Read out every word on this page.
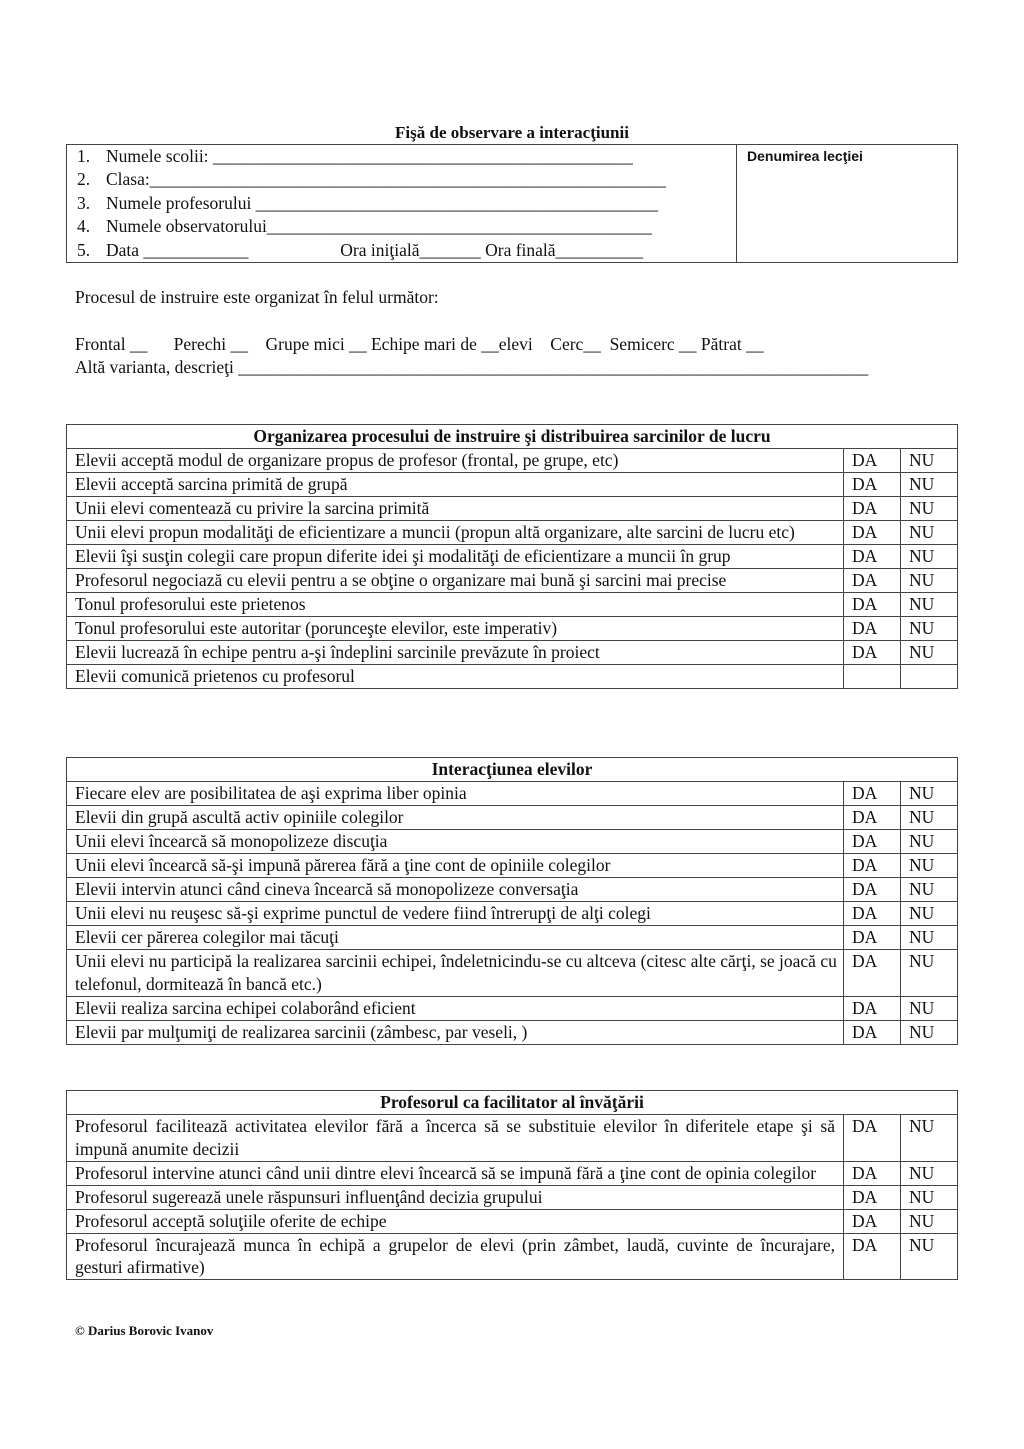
Fişă de observare a interacţiunii
1. Numele scolii: ________________________________________________
2. Clasa:___________________________________________________________
3. Numele profesorului ______________________________________________
4. Numele observatorului____________________________________________
5. Data ____________                     Ora iniţială_______ Ora finală__________

Denumirea lecţiei
Procesul de instruire este organizat în felul următor:
Frontal __      Perechi __    Grupe mici __ Echipe mari de __elevi    Cerc__  Semicerc __ Pătrat __
Altă varianta, descrieţi ________________________________________________________________________
Organizarea procesului de instruire şi distribuirea sarcinilor de lucru		
Elevii acceptă modul de organizare propus de profesor (frontal, pe grupe, etc)	DA	NU
Elevii acceptă sarcina primită de grupă	DA	NU
Unii elevi comentează cu privire la sarcina primită	DA	NU
Unii elevi propun modalităţi de eficientizare a muncii (propun altă organizare, alte sarcini de lucru etc)	DA	NU
Elevii îşi susţin colegii care propun diferite idei şi modalităţi de eficientizare a muncii în grup	DA	NU
Profesorul negociază cu elevii pentru a se obţine o organizare mai bună şi sarcini mai precise	DA	NU
Tonul profesorului este prietenos	DA	NU
Tonul profesorului este autoritar (porunceşte elevilor, este imperativ)	DA	NU
Elevii lucrează în echipe pentru a-şi îndeplini sarcinile prevăzute în proiect	DA	NU
Elevii comunică prietenos cu profesorul		
Interacţiunea elevilor		
Fiecare elev are posibilitatea de aşi exprima liber opinia	DA	NU
Elevii din grupă ascultă activ opiniile colegilor	DA	NU
Unii elevi încearcă să monopolizeze discuţia	DA	NU
Unii elevi încearcă să-şi impună părerea fără a ţine cont de opiniile colegilor	DA	NU
Elevii intervin atunci când cineva încearcă să monopolizeze conversaţia	DA	NU
Unii elevi nu reuşesc să-şi exprime punctul de vedere fiind întrerupţi de alţi colegi	DA	NU
Elevii cer părerea colegilor mai tăcuţi	DA	NU
Unii elevi nu participă la realizarea sarcinii echipei, îndeletnicindu-se cu altceva (citesc alte cărţi, se joacă cu telefonul, dormitează în bancă etc.)	DA	NU
Elevii realiza sarcina echipei colaborând eficient	DA	NU
Elevii par mulţumiţi de realizarea sarcinii (zâmbesc, par veseli, )	DA	NU
Profesorul ca facilitator al învăţării		
Profesorul facilitează activitatea elevilor fără a încerca să se substituie elevilor în diferitele etape şi să impună anumite decizii	DA	NU
Profesorul intervine atunci când unii dintre elevi încearcă să se impună fără a ţine cont de opinia colegilor	DA	NU
Profesorul sugerează unele răspunsuri influenţând decizia grupului	DA	NU
Profesorul acceptă soluţiile oferite de echipe	DA	NU
Profesorul încurajează munca în echipă a grupelor de elevi (prin zâmbet, laudă, cuvinte de încurajare, gesturi afirmative)	DA	NU
© Darius Borovic Ivanov
